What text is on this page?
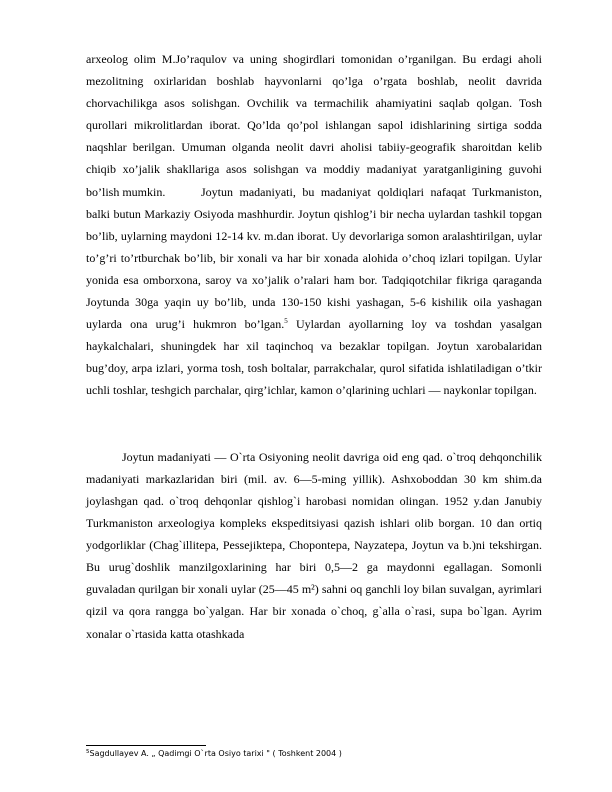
arxeolog olim M.Jo’raqulov va uning shogirdlari tomonidan o’rganilgan. Bu erdagi aholi mezolitning oxirlaridan boshlab hayvonlarni qo’lga o’rgata boshlab, neolit davrida chorvachilikga asos solishgan. Ovchilik va termachilik ahamiyatini saqlab qolgan. Tosh qurollari mikrolitlardan iborat. Qo’lda qo’pol ishlangan sapol idishlarining sirtiga sodda naqshlar berilgan. Umuman olganda neolit davri aholisi tabiiy-geografik sharoitdan kelib chiqib xo’jalik shakllariga asos solishgan va moddiy madaniyat yaratganligining guvohi bo’lish mumkin.	Joytun madaniyati, bu madaniyat qoldiqlari nafaqat Turkmaniston, balki butun Markaziy Osiyoda mashhurdir. Joytun qishlog’i bir necha uylardan tashkil topgan bo’lib, uylarning maydoni 12-14 kv. m.dan iborat. Uy devorlariga somon aralashtirilgan, uylar to’g’ri to’rtburchak bo’lib, bir xonali va har bir xonada alohida o’choq izlari topilgan. Uylar yonida esa omborxona, saroy va xo’jalik o’ralari ham bor. Tadqiqotchilar fikriga qaraganda Joytunda 30ga yaqin uy bo’lib, unda 130-150 kishi yashagan, 5-6 kishilik oila yashagan uylarda ona urug’i hukmron bo’lgan.$^5$ Uylardan ayollarning loy va toshdan yasalgan haykalchalari, shuningdek har xil taqinchoq va bezaklar topilgan. Joytun xarobalaridan bug’doy, arpa izlari, yorma tosh, tosh boltalar, parrakchalar, qurol sifatida ishlatiladigan o’tkir uchli toshlar, teshgich parchalar, qirg’ichlar, kamon o’qlarining uchlari — naykonlar topilgan.

Joytun madaniyati — O`rta Osiyoning neolit davriga oid eng qad. o`troq dehqonchilik madaniyati markazlaridan biri (mil. av. 6—5-ming yillik). Ashxoboddan 30 km shim.da joylashgan qad. o`troq dehqonlar qishlog`i harobasi nomidan olingan. 1952 y.dan Janubiy Turkmaniston arxeologiya kompleks ekspeditsiyasi qazish ishlari olib borgan. 10 dan ortiq yodgorliklar (Chag`illitepa, Pessejiktepa, Chopontepa, Nayzatepa, Joytun va b.)ni tekshirgan. Bu urug`doshlik manzilgoxlarining har biri 0,5—2 ga maydonni egallagan. Somonli guvaladan qurilgan bir xonali uylar (25—45 m²) sahni oq ganchli loy bilan suvalgan, ayrimlari qizil va qora rangga bo`yalgan. Har bir xonada o`choq, g`alla o`rasi, supa bo`lgan. Ayrim xonalar o`rtasida katta otashkada

$^5$Sagdullayev A. „ Qadimgi O`rta Osiyo tarixi " ( Toshkent 2004 )
